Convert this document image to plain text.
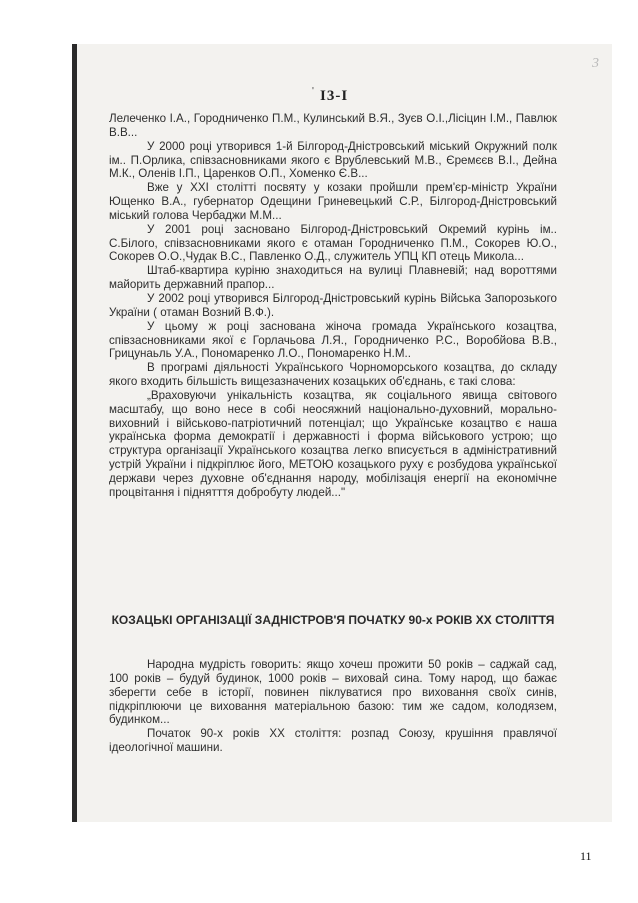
3
' I3-I

Лелеченко І.А., Городниченко П.М., Кулинський В.Я., Зуєв О.І.,Лісіцин І.М., Павлюк В.В...

У 2000 році утворився 1-й Білгород-Дністровський міський Окружний полк ім.. П.Орлика, співзасновниками якого є Врублевський М.В., Єремєєв В.І., Дейна М.К., Оленів І.П., Царенков О.П., Хоменко Є.В...

Вже у XXI столітті посвяту у козаки пройшли прем'єр-міністр України Ющенко В.А., губернатор Одещини Гриневецький С.Р., Білгород-Дністровський міський голова Чербаджи М.М...

У 2001 році засновано Білгород-Дністровський Окремий курінь ім.. С.Білого, співзасновниками якого є отаман Городниченко П.М., Сокорев Ю.О., Сокорев О.О.,Чудак В.С., Павленко О.Д., служитель УПЦ КП отець Микола...

Штаб-квартира куріню знаходиться на вулиці Плавневій; над ворoттями майорить державний прапор...

У 2002 році утворився Білгород-Дністровський курінь Війська Запорозького України ( отаман Возний В.Ф.).

У цьому ж році заснована жіноча громада Українського козацтва, співзасновниками якої є Горлачьова Л.Я., Городниченко Р.С., Воробйова В.В., Грицунаьль У.А., Пономаренко Л.О., Пономаренко Н.М..

В програмі діяльності Українського Чорноморського козацтва, до складу якого входить більшість вищезазначених козацьких об'єднань, є такі слова:

„Враховуючи унікальність козацтва, як соціального явища світового масштабу, що воно несе в собі неосяжний національно-духовний, морально-виховний і військово-патріотичний потенціал; що Українське козацтво є наша українська форма демократії і державності і форма військового устрою; що структура організації Українського козацтва легко вписується в адміністративний устрій України і підкріплює його, МЕТОЮ козацького руху є розбудова української держави через духовне об'єднання народу, мобілізація енергії на економічне процвітання і піднятття добробуту людей..."

КОЗАЦЬКІ ОРГАНІЗАЦІЇ ЗАДНІСТРОВ'Я ПОЧАТКУ 90-х РОКІВ XX СТОЛІТТЯ

Народна мудрість говорить: якщо хочеш прожити 50 років – саджай сад, 100 років – будуй будинок, 1000 років – виховай сина. Тому народ, що бажає зберегти себе в історії, повинен піклуватися про виховання своїх синів, підкріплюючи це виховання матеріальною базою: тим же садом, колодязем, будинком...

Початок 90-х років XX століття: розпад Союзу, крушіння правлячої ідеологічної машини.

11
